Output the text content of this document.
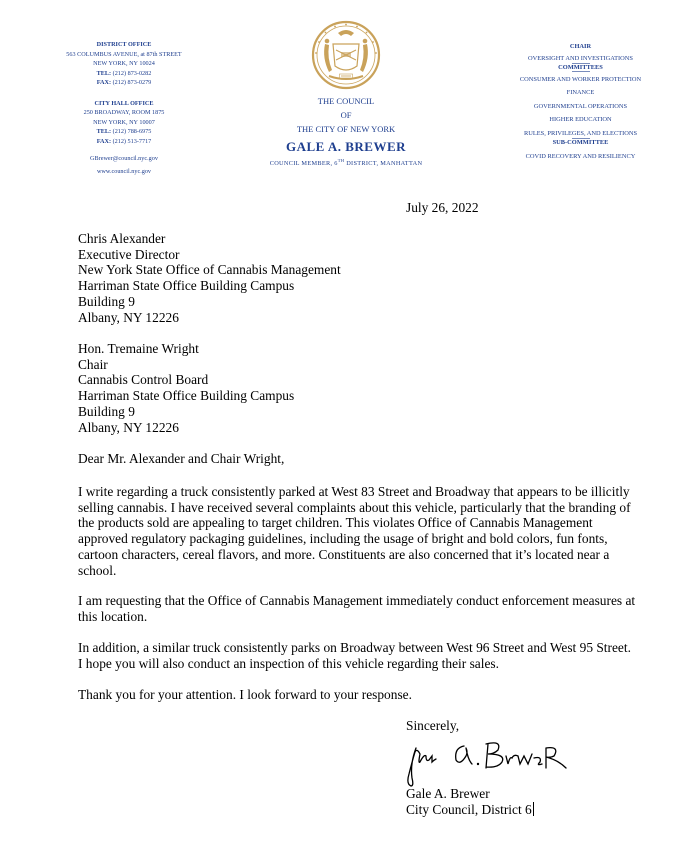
DISTRICT OFFICE
563 COLUMBUS AVENUE, at 87th STREET
NEW YORK, NY 10024
TEL: (212) 873-0282
FAX: (212) 873-0279
CITY HALL OFFICE
250 BROADWAY, ROOM 1875
NEW YORK, NY 10007
TEL: (212) 788-6975
FAX: (212) 513-7717
GBrewer@council.nyc.gov
www.council.nyc.gov
THE COUNCIL
OF
THE CITY OF NEW YORK
GALE A. BREWER
COUNCIL MEMBER, 6TH DISTRICT, MANHATTAN
CHAIR
OVERSIGHT AND INVESTIGATIONS
COMMITTEES
CONSUMER AND WORKER PROTECTION
FINANCE
GOVERNMENTAL OPERATIONS
HIGHER EDUCATION
RULES, PRIVILEGES, AND ELECTIONS
SUB-COMMITTEE
COVID RECOVERY AND RESILIENCY
July 26, 2022
Chris Alexander
Executive Director
New York State Office of Cannabis Management
Harriman State Office Building Campus
Building 9
Albany, NY 12226
Hon. Tremaine Wright
Chair
Cannabis Control Board
Harriman State Office Building Campus
Building 9
Albany, NY 12226
Dear Mr. Alexander and Chair Wright,
I write regarding a truck consistently parked at West 83 Street and Broadway that appears to be illicitly selling cannabis. I have received several complaints about this vehicle, particularly that the branding of the products sold are appealing to target children. This violates Office of Cannabis Management approved regulatory packaging guidelines, including the usage of bright and bold colors, fun fonts, cartoon characters, cereal flavors, and more. Constituents are also concerned that it’s located near a school.
I am requesting that the Office of Cannabis Management immediately conduct enforcement measures at this location.
In addition, a similar truck consistently parks on Broadway between West 96 Street and West 95 Street. I hope you will also conduct an inspection of this vehicle regarding their sales.
Thank you for your attention. I look forward to your response.
Sincerely,
Gale A. Brewer
City Council, District 6
